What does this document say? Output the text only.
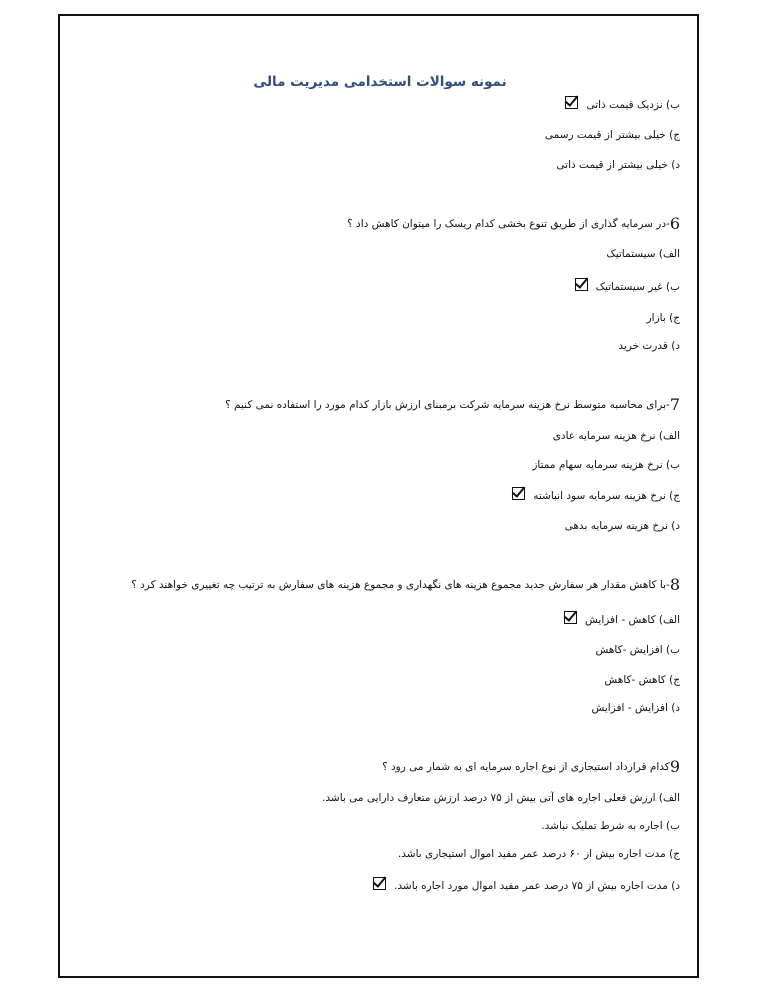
نمونه سوالات استخدامی مدیریت مالی
ب) نزدیک قیمت ذاتی
ج) خیلی بیشتر از قیمت رسمی
د) خیلی بیشتر از قیمت ذاتی
6-در سرمایه گذاری از طریق تنوع بخشی کدام ریسک را میتوان کاهش داد ؟
الف) سیستماتیک
ب) غیر سیستماتیک
ج) بازار
د) قدرت خرید
7-برای محاسبه متوسط نرخ هزینه سرمایه شرکت برمبنای ارزش بازار کدام مورد را استفاده نمی کنیم ؟
الف) نرخ هزینه سرمایه عادی
ب) نرخ هزینه سرمایه سهام ممتاز
ج) نرخ هزینه سرمایه سود انباشته
د) نرخ هزینه سرمایه بدهی
8-با کاهش مقدار هر سفارش جدید مجموع هزینه های نگهداری و مجموع هزینه های سفارش به ترتیب چه تغییری خواهند کرد ؟
الف) کاهش - افزایش
ب) افزایش -کاهش
ج) کاهش -کاهش
د) افزایش - افزایش
9کدام قرارداد استیجاری از نوع اجاره سرمایه ای به شمار می رود ؟
الف) ارزش فعلی اجاره های آتی بیش از ۷۵ درصد ارزش متعارف دارایی می باشد.
ب) اجاره به شرط تملیک نباشد.
ج) مدت اجاره بیش از ۶۰ درصد عمر مفید اموال استیجاری باشد.
د) مدت اجاره بیش از ۷۵ درصد عمر مفید اموال مورد اجاره باشد.
